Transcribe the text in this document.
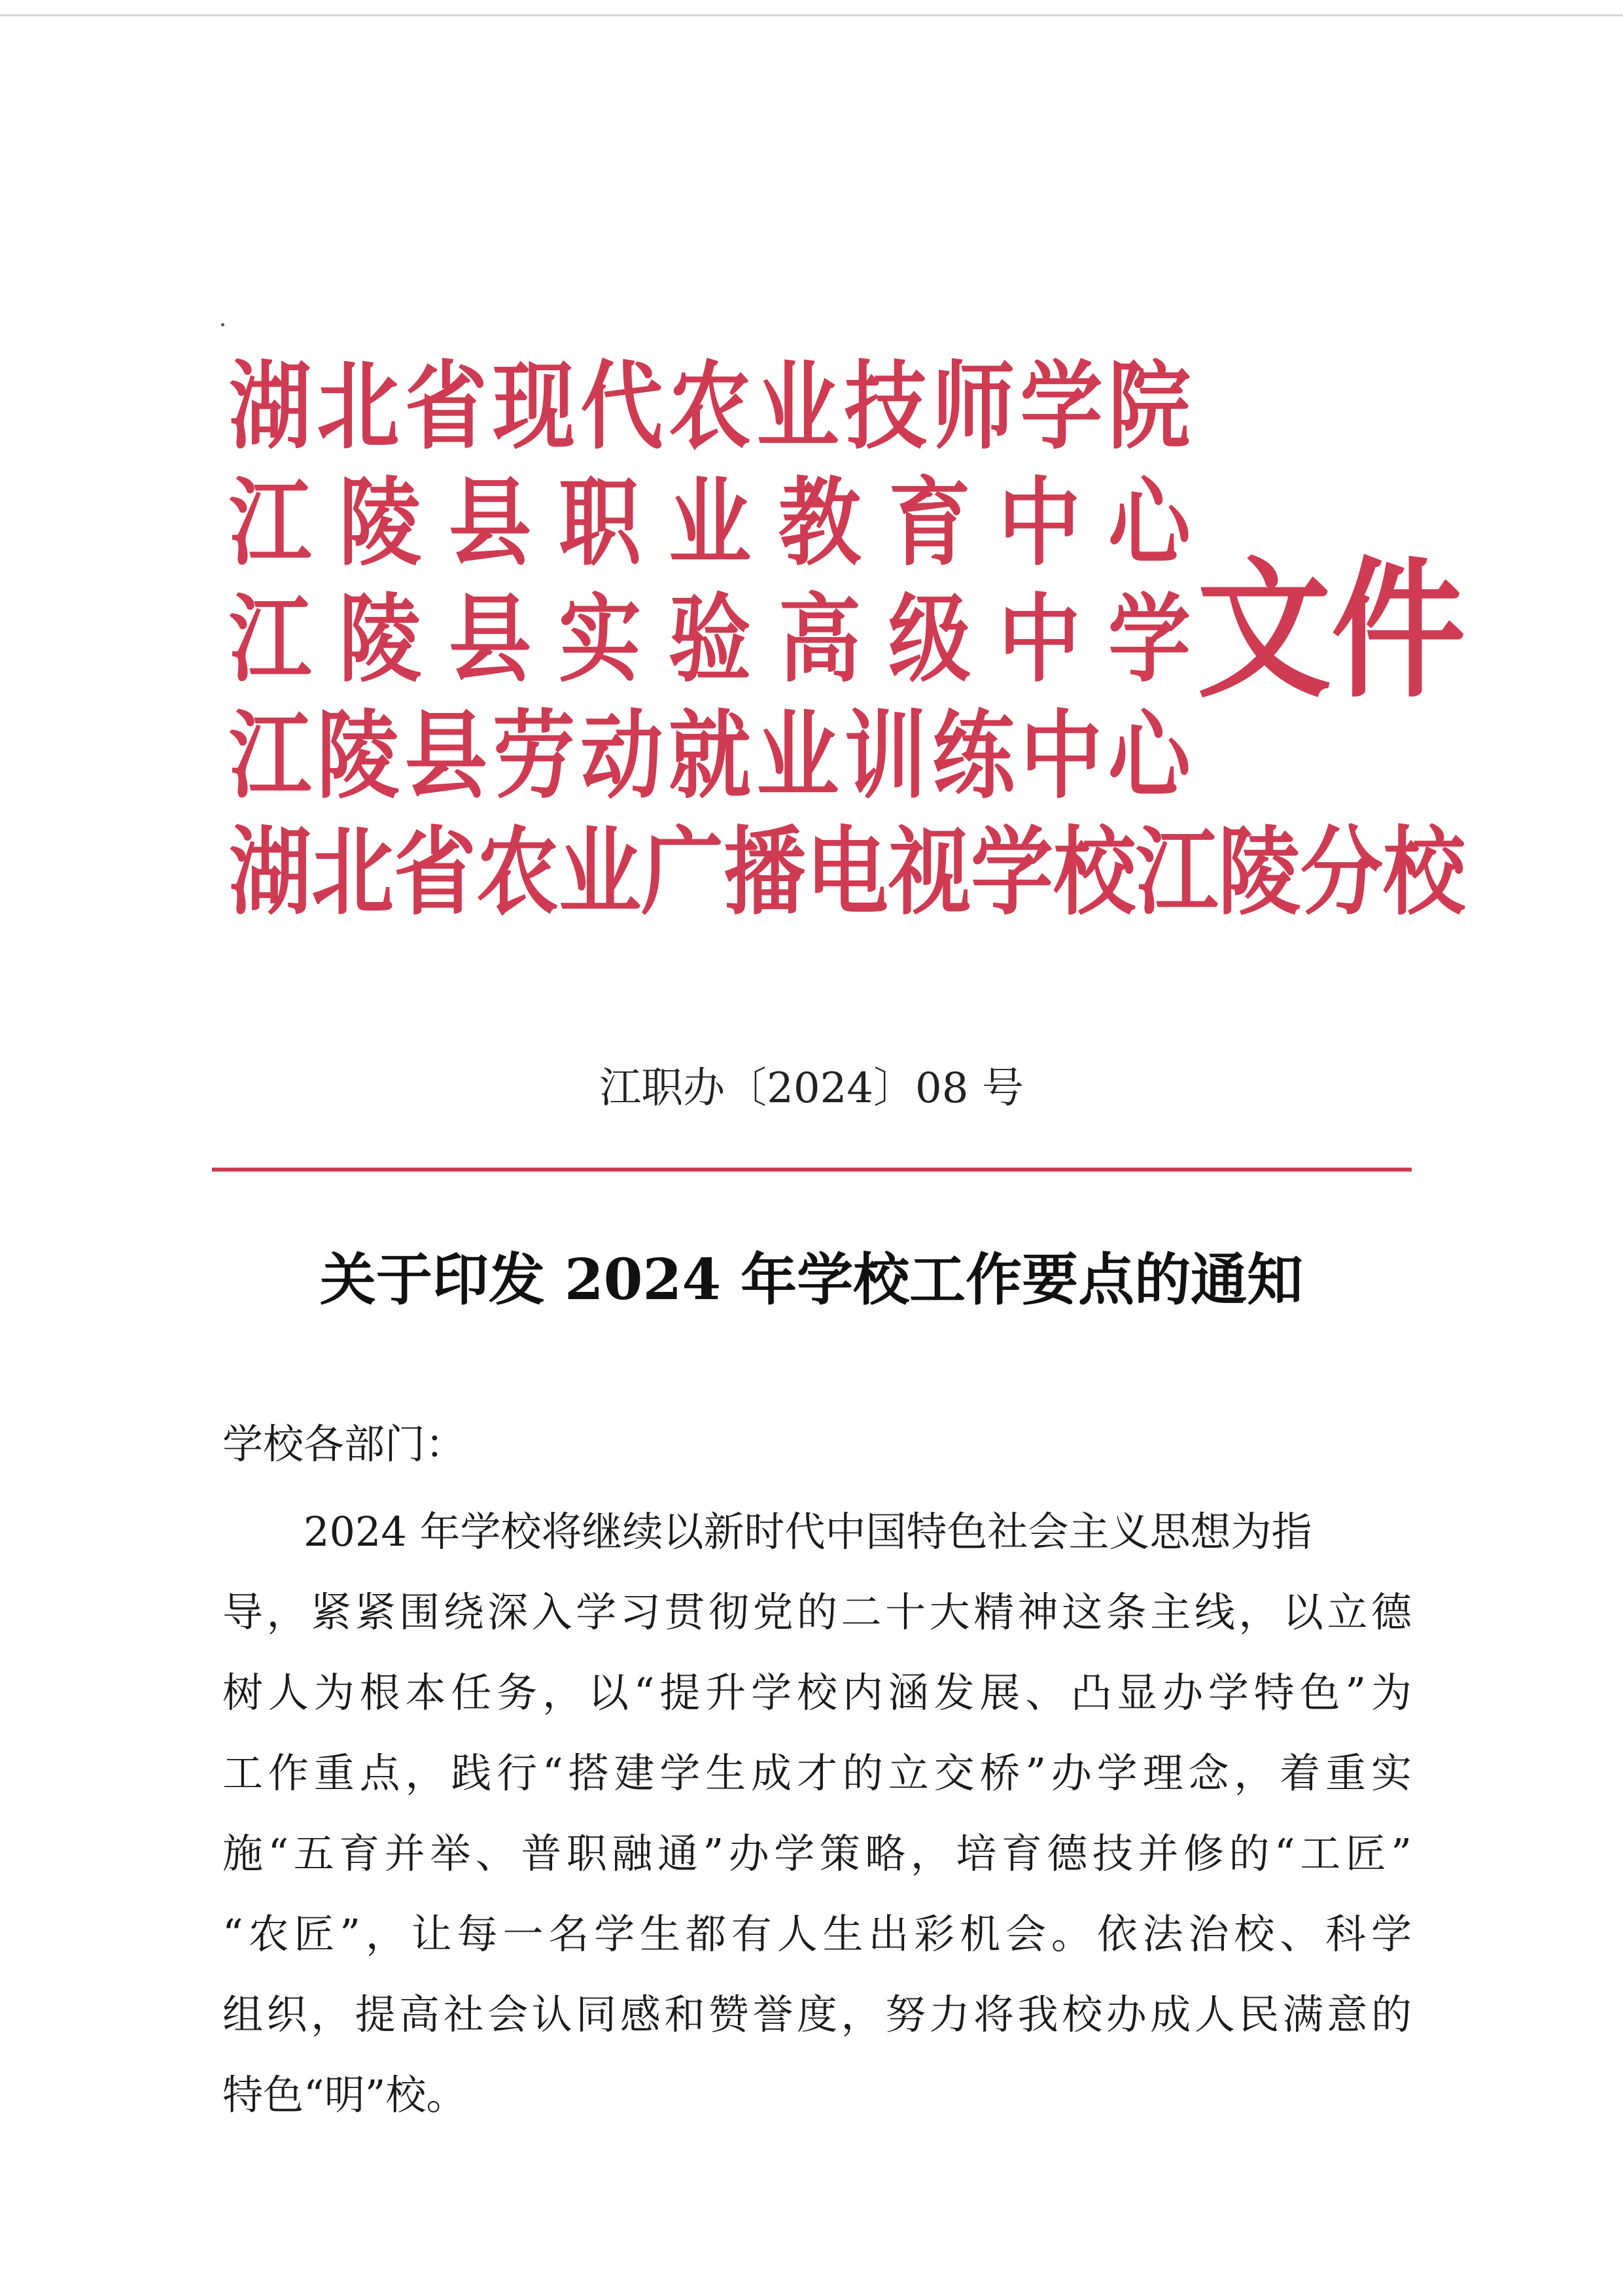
湖 北 省 现 代 农 业 技 师 学 院
江 陵 县 职 业 教 育 中 心
江 陵 县 实 验 高 级 中 学
江 陵 县 劳 动 就 业 训 练 中 心
湖 北 省 农 业 广 播 电 视 学 校 江 陵 分 校
文件
江职办〔2024〕08 号
关于印发 2024 年学校工作要点的通知
学校各部门：
2024 年学校将继续以新时代中国特色社会主义思想为指
导，紧紧围绕深入学习贯彻党的二十大精神这条主线，以立德
树人为根本任务，以“提升学校内涵发展、凸显办学特色”为
工作重点，践行“搭建学生成才的立交桥”办学理念，着重实
施“五育并举、普职融通”办学策略，培育德技并修的“工匠”
“农匠”，让每一名学生都有人生出彩机会。依法治校、科学
组织，提高社会认同感和赞誉度，努力将我校办成人民满意的
特色“明”校。
